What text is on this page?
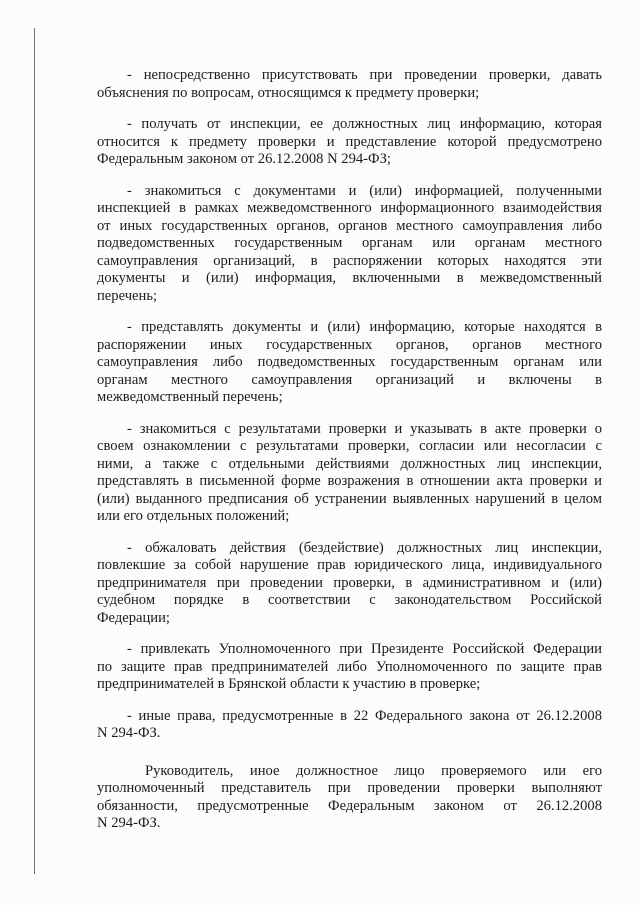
- непосредственно присутствовать при проведении проверки, давать
объяснения по вопросам, относящимся к предмету проверки;
- получать от инспекции, ее должностных лиц информацию, которая
относится к предмету проверки и представление которой предусмотрено
Федеральным законом от 26.12.2008 N 294-ФЗ;
- знакомиться с документами и (или) информацией, полученными
инспекцией в рамках межведомственного информационного взаимодействия
от иных государственных органов, органов местного самоуправления либо
подведомственных государственным органам или органам местного
самоуправления организаций, в распоряжении которых находятся эти
документы и (или) информация, включенными в межведомственный
перечень;
- представлять документы и (или) информацию, которые находятся в
распоряжении иных государственных органов, органов местного
самоуправления либо подведомственных государственным органам или
органам местного самоуправления организаций и включены в
межведомственный перечень;
- знакомиться с результатами проверки и указывать в акте проверки о
своем ознакомлении с результатами проверки, согласии или несогласии с
ними, а также с отдельными действиями должностных лиц инспекции,
представлять в письменной форме возражения в отношении акта проверки и
(или) выданного предписания об устранении выявленных нарушений в целом
или его отдельных положений;
- обжаловать действия (бездействие) должностных лиц инспекции,
повлекшие за собой нарушение прав юридического лица, индивидуального
предпринимателя при проведении проверки, в административном и (или)
судебном порядке в соответствии с законодательством Российской
Федерации;
- привлекать Уполномоченного при Президенте Российской Федерации
по защите прав предпринимателей либо Уполномоченного по защите прав
предпринимателей в Брянской области к участию в проверке;
- иные права, предусмотренные в 22 Федерального закона от 26.12.2008
N 294-ФЗ.
Руководитель, иное должностное лицо проверяемого или его
уполномоченный представитель при проведении проверки выполняют
обязанности, предусмотренные Федеральным законом от 26.12.2008
N 294-ФЗ.
